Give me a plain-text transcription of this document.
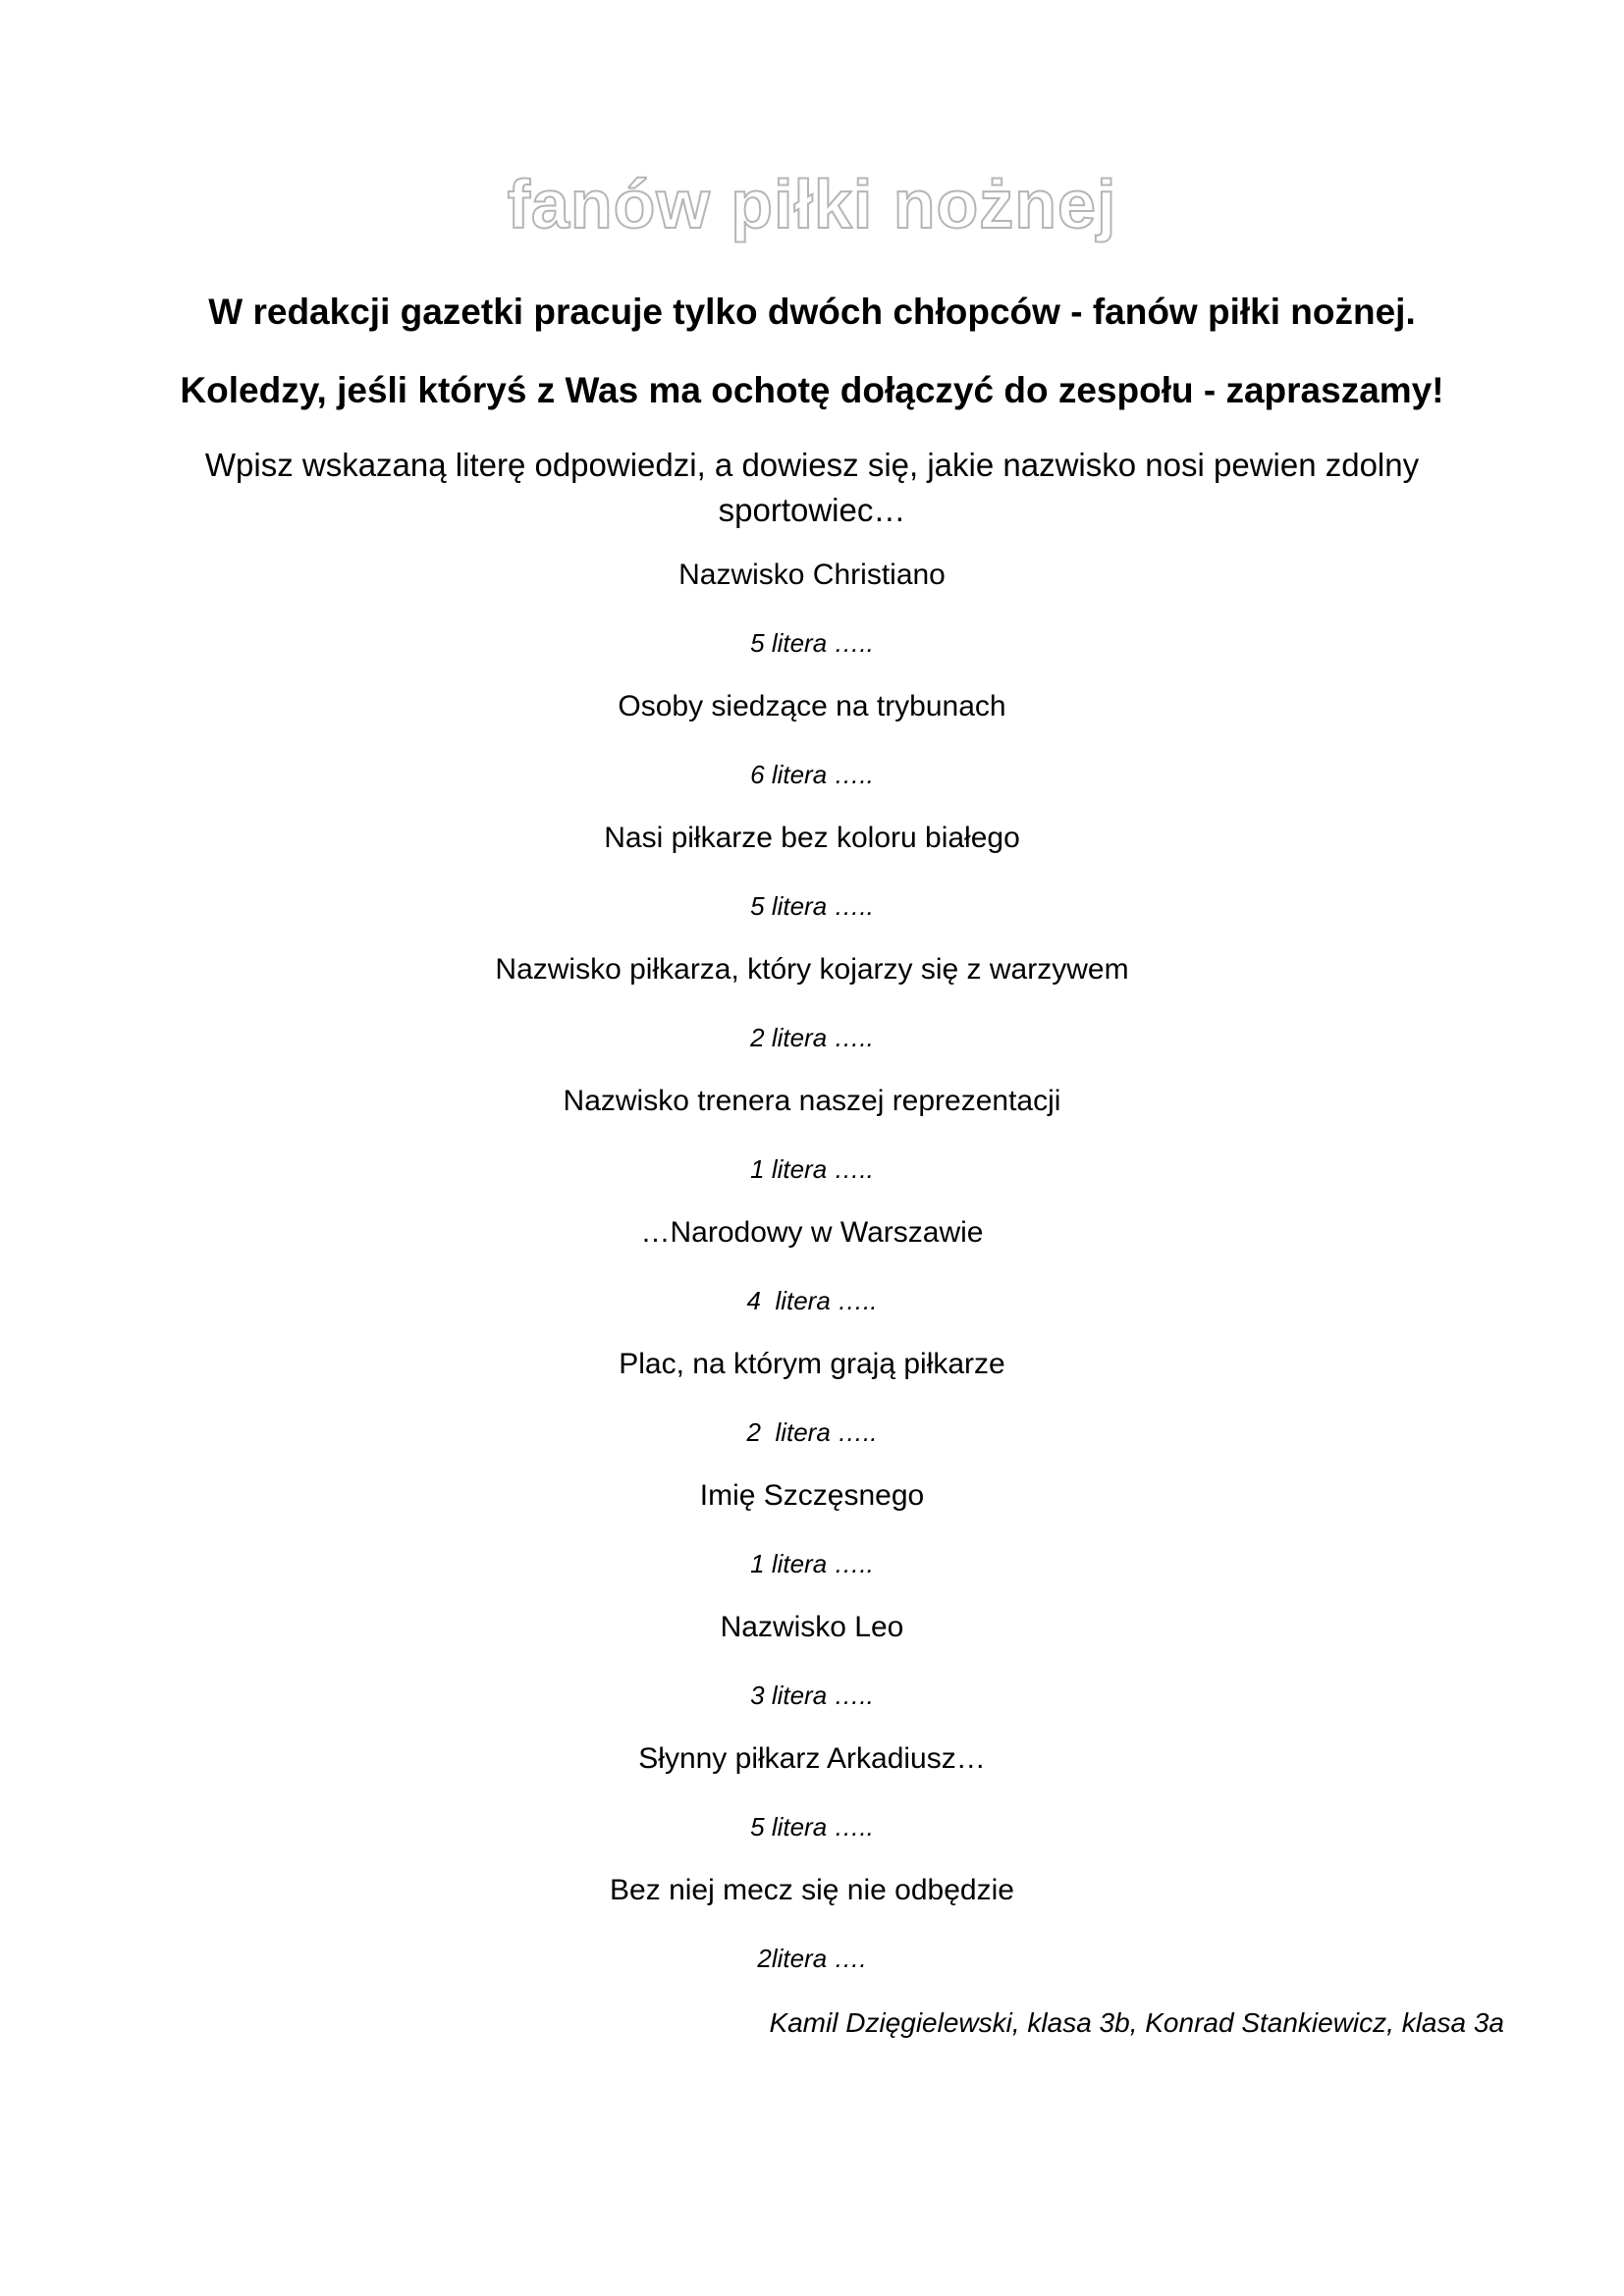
fanów piłki nożnej
W redakcji gazetki pracuje tylko dwóch chłopców - fanów piłki nożnej.
Koledzy, jeśli któryś z Was ma ochotę dołączyć do zespołu - zapraszamy!
Wpisz wskazaną literę odpowiedzi, a dowiesz się, jakie nazwisko nosi pewien zdolny sportowiec…
Nazwisko Christiano
5 litera …..
Osoby siedzące na trybunach
6 litera …..
Nasi piłkarze bez koloru białego
5 litera …..
Nazwisko piłkarza, który kojarzy się z warzywem
2 litera …..
Nazwisko trenera naszej reprezentacji
1 litera …..
…Narodowy w Warszawie
4  litera …..
Plac, na którym grają piłkarze
2  litera …..
Imię Szczęsnego
1 litera …..
Nazwisko Leo
3 litera …..
Słynny piłkarz Arkadiusz…
5 litera …..
Bez niej mecz się nie odbędzie
2litera ….
Kamil Dzięgielewski, klasa 3b, Konrad Stankiewicz, klasa 3a
